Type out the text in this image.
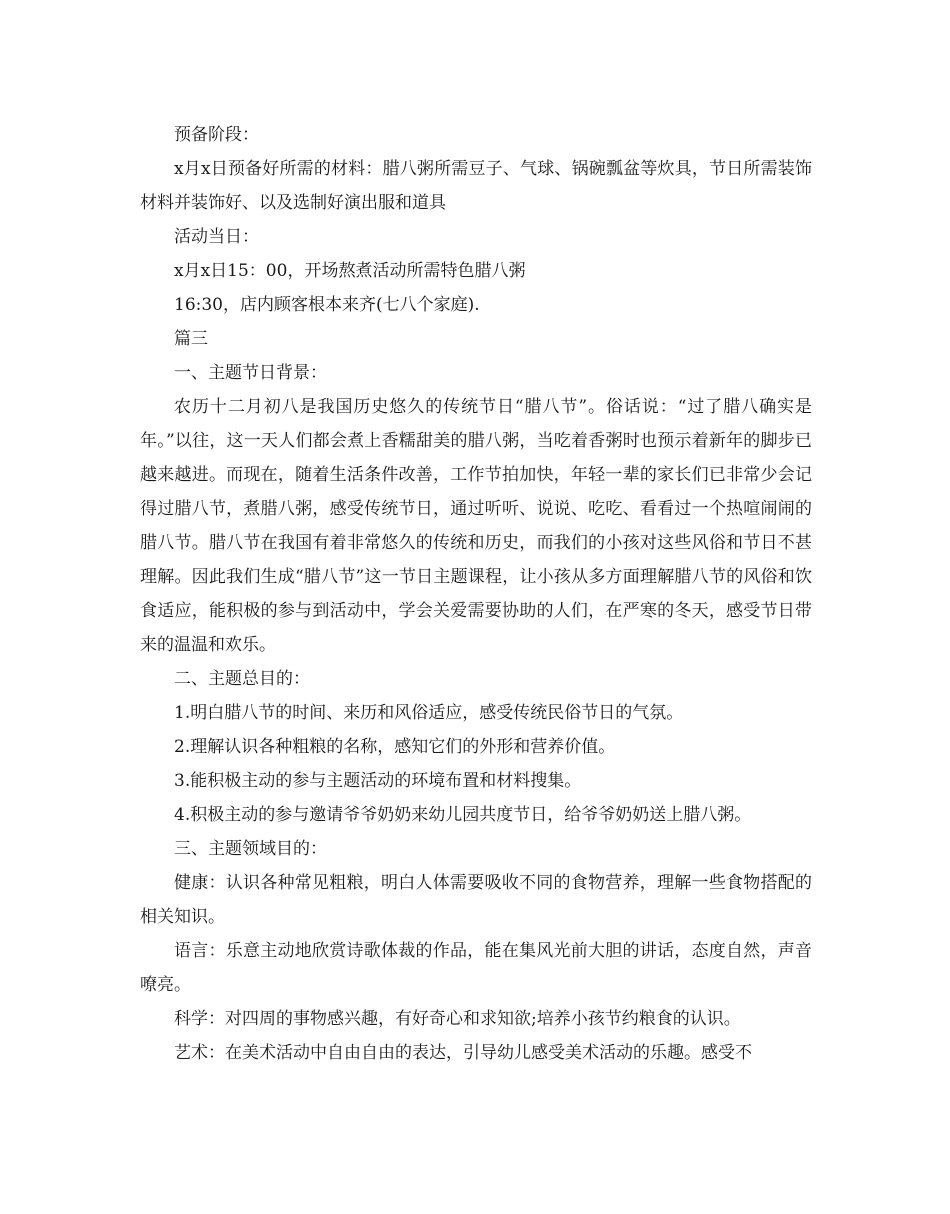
预备阶段：

x月x日预备好所需的材料：腊八粥所需豆子、气球、锅碗瓢盆等炊具，节日所需装饰材料并装饰好、以及选制好演出服和道具

活动当日：

x月x日15：00，开场熬煮活动所需特色腊八粥

16:30，店内顾客根本来齐(七八个家庭).

篇三

一、主题节日背景：

农历十二月初八是我国历史悠久的传统节日“腊八节”。俗话说：“过了腊八确实是年。”以往，这一天人们都会煮上香糯甜美的腊八粥，当吃着香粥时也预示着新年的脚步已越来越进。而现在，随着生活条件改善，工作节拍加快，年轻一辈的家长们已非常少会记得过腊八节，煮腊八粥，感受传统节日，通过听听、说说、吃吃、看看过一个热喧闹闹的腊八节。腊八节在我国有着非常悠久的传统和历史，而我们的小孩对这些风俗和节日不甚理解。因此我们生成“腊八节”这一节日主题课程，让小孩从多方面理解腊八节的风俗和饮食适应，能积极的参与到活动中，学会关爱需要协助的人们，在严寒的冬天，感受节日带来的温温和欢乐。

二、主题总目的：

1.明白腊八节的时间、来历和风俗适应，感受传统民俗节日的气氛。

2.理解认识各种粗粮的名称，感知它们的外形和营养价值。

3.能积极主动的参与主题活动的环境布置和材料搜集。

4.积极主动的参与邀请爷爷奶奶来幼儿园共度节日，给爷爷奶奶送上腊八粥。

三、主题领域目的：

健康：认识各种常见粗粮，明白人体需要吸收不同的食物营养，理解一些食物搭配的相关知识。

语言：乐意主动地欣赏诗歌体裁的作品，能在集风光前大胆的讲话，态度自然，声音嘹亮。

科学：对四周的事物感兴趣，有好奇心和求知欲;培养小孩节约粮食的认识。

艺术：在美术活动中自由自由的表达，引导幼儿感受美术活动的乐趣。感受不
